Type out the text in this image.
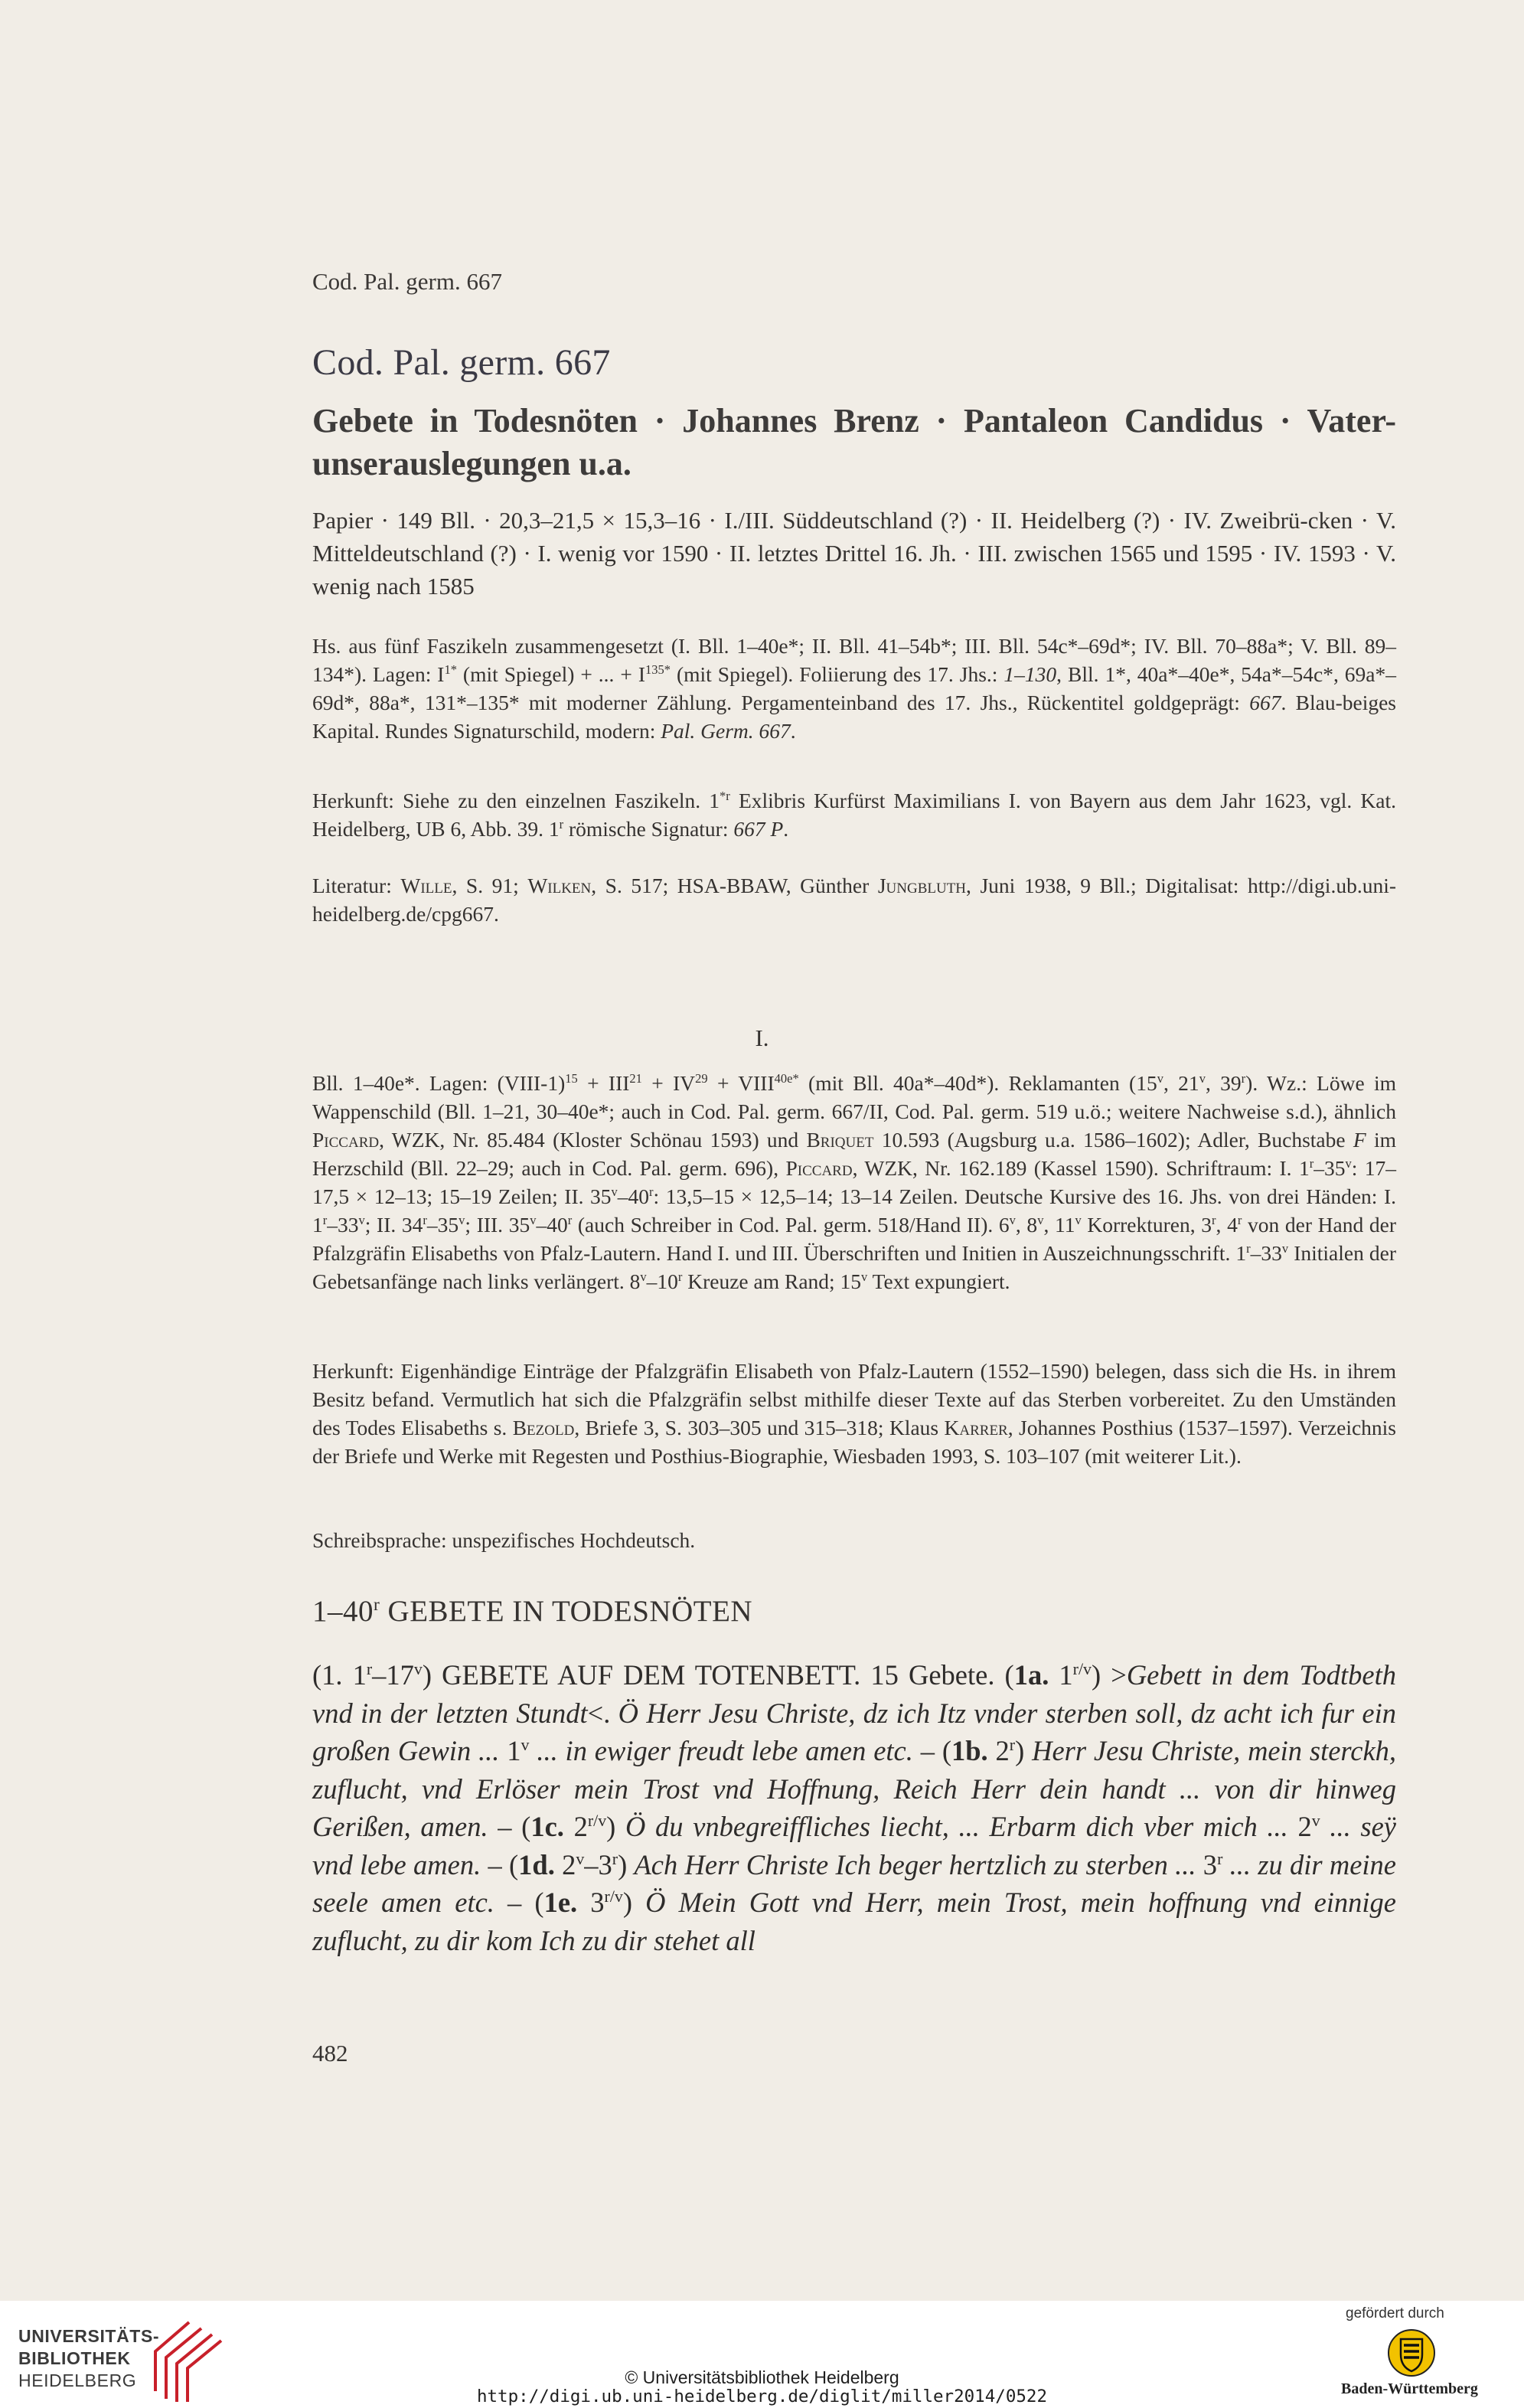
Cod. Pal. germ. 667

Cod. Pal. germ. 667

Gebete in Todesnöten · Johannes Brenz · Pantaleon Candidus · Vater-unserauslegungen u.a.

Papier · 149 Bll. · 20,3–21,5 × 15,3–16 · I./III. Süddeutschland (?) · II. Heidelberg (?) · IV. Zweibrü-cken · V. Mitteldeutschland (?) · I. wenig vor 1590 · II. letztes Drittel 16. Jh. · III. zwischen 1565 und 1595 · IV. 1593 · V. wenig nach 1585

Hs. aus fünf Faszikeln zusammengesetzt (I. Bll. 1–40e*; II. Bll. 41–54b*; III. Bll. 54c*–69d*; IV. Bll. 70–88a*; V. Bll. 89–134*). Lagen: $I^{1*}$ (mit Spiegel) + ... + $I^{135*}$ (mit Spiegel). Foliierung des 17. Jhs.: 1–130, Bll. 1*, 40a*–40e*, 54a*–54c*, 69a*–69d*, 88a*, 131*–135* mit moderner Zählung. Pergamenteinband des 17. Jhs., Rückentitel goldgeprägt: 667. Blau-beiges Kapital. Rundes Signaturschild, modern: Pal. Germ. 667.

Herkunft: Siehe zu den einzelnen Faszikeln. 1$^{*r}$ Exlibris Kurfürst Maximilians I. von Bayern aus dem Jahr 1623, vgl. Kat. Heidelberg, UB 6, Abb. 39. 1$^r$ römische Signatur: 667 P.

Literatur: Wille, S. 91; Wilken, S. 517; HSA-BBAW, Günther Jungbluth, Juni 1938, 9 Bll.; Digitalisat: http://digi.ub.uni-heidelberg.de/cpg667.

I.

Bll. 1–40e*. Lagen: (VIII-1)$^{15}$ + $III^{21} + IV^{29}$ + $VIII^{40e*}$ (mit Bll. 40a*–40d*). Reklamanten (15$^v$, 21$^v$, 39$^r$). Wz.: Löwe im Wappenschild (Bll. 1–21, 30–40e*; auch in Cod. Pal. germ. 667/II, Cod. Pal. germ. 519 u.ö.; weitere Nachweise s.d.), ähnlich Piccard, WZK, Nr. 85.484 (Kloster Schönau 1593) und Briquet 10.593 (Augsburg u.a. 1586–1602); Adler, Buchstabe F im Herzschild (Bll. 22–29; auch in Cod. Pal. germ. 696), Piccard, WZK, Nr. 162.189 (Kassel 1590). Schriftraum: I. 1$^r$–35$^v$: 17–17,5 × 12–13; 15–19 Zeilen; II. 35$^v$–40$^r$: 13,5–15 × 12,5–14; 13–14 Zeilen. Deutsche Kursive des 16. Jhs. von drei Händen: I. 1$^r$–33$^v$; II. 34$^r$–35$^v$; III. 35$^v$–40$^r$ (auch Schreiber in Cod. Pal. germ. 518/Hand II). 6$^v$, 8$^v$, 11$^v$ Korrekturen, 3$^r$, 4$^r$ von der Hand der Pfalzgräfin Elisabeths von Pfalz-Lautern. Hand I. und III. Überschriften und Initien in Auszeichnungsschrift. 1$^r$–33$^v$ Initialen der Gebetsanfänge nach links verlängert. 8$^v$–10$^r$ Kreuze am Rand; 15$^v$ Text expungiert.

Herkunft: Eigenhändige Einträge der Pfalzgräfin Elisabeth von Pfalz-Lautern (1552–1590) belegen, dass sich die Hs. in ihrem Besitz befand. Vermutlich hat sich die Pfalzgräfin selbst mithilfe dieser Texte auf das Sterben vorbereitet. Zu den Umständen des Todes Elisabeths s. Bezold, Briefe 3, S. 303–305 und 315–318; Klaus Karrer, Johannes Posthius (1537–1597). Verzeichnis der Briefe und Werke mit Regesten und Posthius-Biographie, Wiesbaden 1993, S. 103–107 (mit weiterer Lit.).

Schreibsprache: unspezifisches Hochdeutsch.

1–40$^r$ GEBETE IN TODESNÖTEN

(1. 1$^r$–17$^v$) GEBETE AUF DEM TOTENBETT. 15 Gebete. (1a. $1^{r/v}$) >Gebett in dem Todtbeth vnd in der letzten Stundt<. Ö Herr Jesu Christe, dz ich Itz vnder sterben soll, dz acht ich fur ein großen Gewin ... 1$^v$ ... in ewiger freudt lebe amen etc. – (1b. 2$^r$) Herr Jesu Christe, mein sterckh, zuflucht, vnd Erlöser mein Trost vnd Hoffnung, Reich Herr dein handt ... von dir hinweg Gerißen, amen. – (1c. $2^{r/v}$) Ö du vnbegreiffliches liecht, ... Erbarm dich vber mich ... 2$^v$ ... seÿ vnd lebe amen. – (1d. 2$^v$–3$^r$) Ach Herr Christe Ich beger hertzlich zu sterben ... 3$^r$ ... zu dir meine seele amen etc. – (1e. $3^{r/v}$) Ö Mein Gott vnd Herr, mein Trost, mein hoffnung vnd einnige zuflucht, zu dir kom Ich zu dir stehet all

482

UNIVERSITÄTS-
BIBLIOTHEK
HEIDELBERG	© Universitätsbibliothek Heidelberg
http://digi.ub.uni-heidelberg.de/diglit/miller2014/0522
gefördert durch
Baden-Württemberg
